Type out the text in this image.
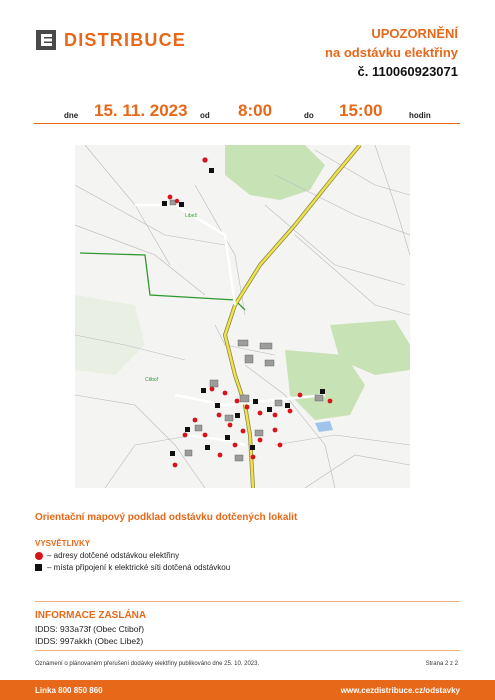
DISTRIBUCE	UPOZORNĚNÍ
na odstávku elektřiny
č. 110060923071
dne 15. 11. 2023 od 8:00	do 15:00	hodin
Libež
Ctiboř
Orientační mapový podklad odstávku dotčených lokalit
VYSVĚTLIVKY
– adresy dotčené odstávkou elektřiny
– místa připojení k elektrické síti dotčená odstávkou
INFORMACE ZASLÁNA
IDDS: 933a73f (Obec Ctiboř)
IDDS: 997akkh (Obec Libež)
Oznámení o plánovaném přerušení dodávky elektřiny publikováno dne 25. 10. 2023.	Strana 2 z 2
Linka 800 850 860	www.cezdistribuce.cz/odstavky
